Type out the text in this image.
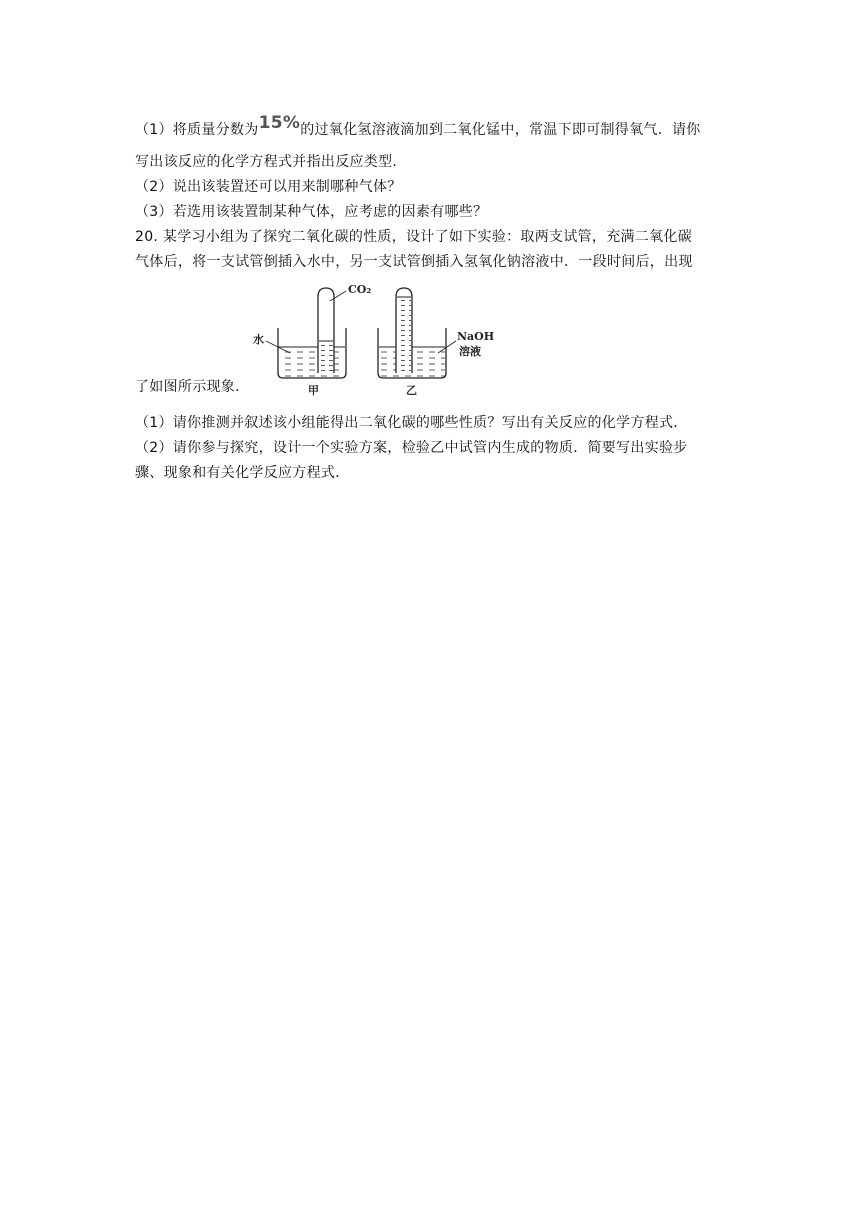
（1）将质量分数为15%的过氧化氢溶液滴加到二氧化锰中，常温下即可制得氧气．请你
写出该反应的化学方程式并指出反应类型．
（2）说出该装置还可以用来制哪种气体？
（3）若选用该装置制某种气体，应考虑的因素有哪些？
20. 某学习小组为了探究二氧化碳的性质，设计了如下实验：取两支试管，充满二氧化碳
气体后，将一支试管倒插入水中，另一支试管倒插入氢氧化钠溶液中．一段时间后，出现
了如图所示现象．
CO₂
水
甲
NaOH
溶液
乙
（1）请你推测并叙述该小组能得出二氧化碳的哪些性质？写出有关反应的化学方程式．
（2）请你参与探究，设计一个实验方案，检验乙中试管内生成的物质．简要写出实验步
骤、现象和有关化学反应方程式．
